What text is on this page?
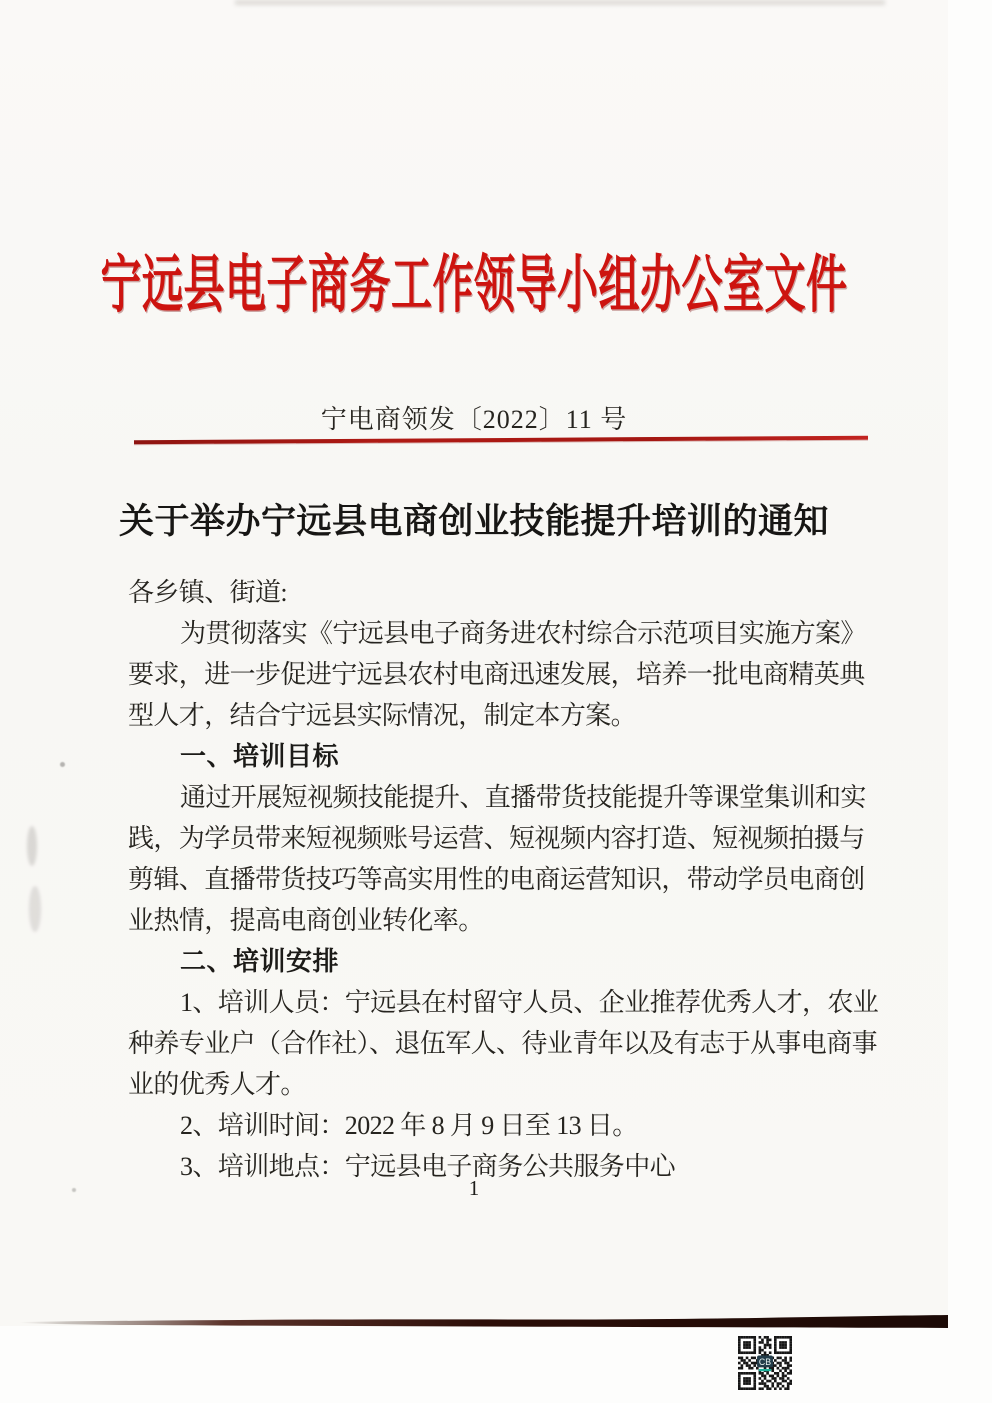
宁远县电子商务工作领导小组办公室文件
宁电商领发〔2022〕11 号
关于举办宁远县电商创业技能提升培训的通知
各乡镇、街道:
为贯彻落实《宁远县电子商务进农村综合示范项目实施方案》
要求，进一步促进宁远县农村电商迅速发展，培养一批电商精英典
型人才，结合宁远县实际情况，制定本方案。
一、培训目标
通过开展短视频技能提升、直播带货技能提升等课堂集训和实
践，为学员带来短视频账号运营、短视频内容打造、短视频拍摄与
剪辑、直播带货技巧等高实用性的电商运营知识，带动学员电商创
业热情，提高电商创业转化率。
二、培训安排
1、培训人员：宁远县在村留守人员、企业推荐优秀人才，农业
种养专业户（合作社）、退伍军人、待业青年以及有志于从事电商事
业的优秀人才。
2、培训时间：2022 年 8 月 9 日至 13 日。
3、培训地点：宁远县电子商务公共服务中心
1
CB
